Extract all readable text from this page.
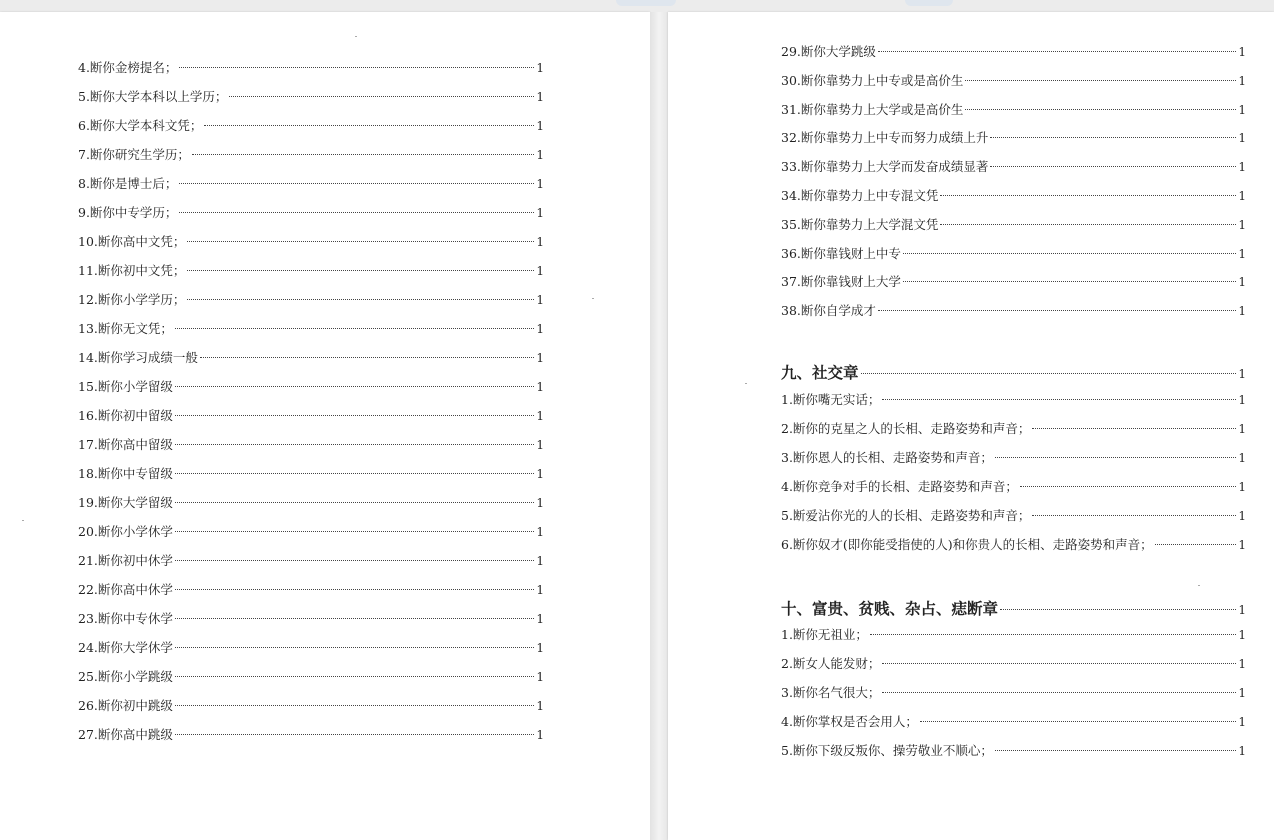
4.断你金榜提名；	1
5.断你大学本科以上学历；	1
6.断你大学本科文凭；	1
7.断你研究生学历；	1
8.断你是博士后；	1
9.断你中专学历；	1
10.断你高中文凭；	1
11.断你初中文凭；	1
12.断你小学学历；	1
13.断你无文凭；	1
14.断你学习成绩一般	1
15.断你小学留级	1
16.断你初中留级	1
17.断你高中留级	1
18.断你中专留级	1
19.断你大学留级	1
20.断你小学休学	1
21.断你初中休学	1
22.断你高中休学	1
23.断你中专休学	1
24.断你大学休学	1
25.断你小学跳级	1
26.断你初中跳级	1
27.断你高中跳级	1
29.断你大学跳级	1
30.断你靠势力上中专或是高价生	1
31.断你靠势力上大学或是高价生	1
32.断你靠势力上中专而努力成绩上升	1
33.断你靠势力上大学而发奋成绩显著	1
34.断你靠势力上中专混文凭	1
35.断你靠势力上大学混文凭	1
36.断你靠钱财上中专	1
37.断你靠钱财上大学	1
38.断你自学成才	1
九、社交章	1
1.断你嘴无实话；	1
2.断你的克星之人的长相、走路姿势和声音；	1
3.断你恩人的长相、走路姿势和声音；	1
4.断你竞争对手的长相、走路姿势和声音；	1
5.断爱沾你光的人的长相、走路姿势和声音；	1
6.断你奴才(即你能受指使的人)和你贵人的长相、走路姿势和声音；	1
十、富贵、贫贱、杂占、痣断章	1
1.断你无祖业；	1
2.断女人能发财；	1
3.断你名气很大；	1
4.断你掌权是否会用人；	1
5.断你下级反叛你、操劳敬业不顺心；	1
